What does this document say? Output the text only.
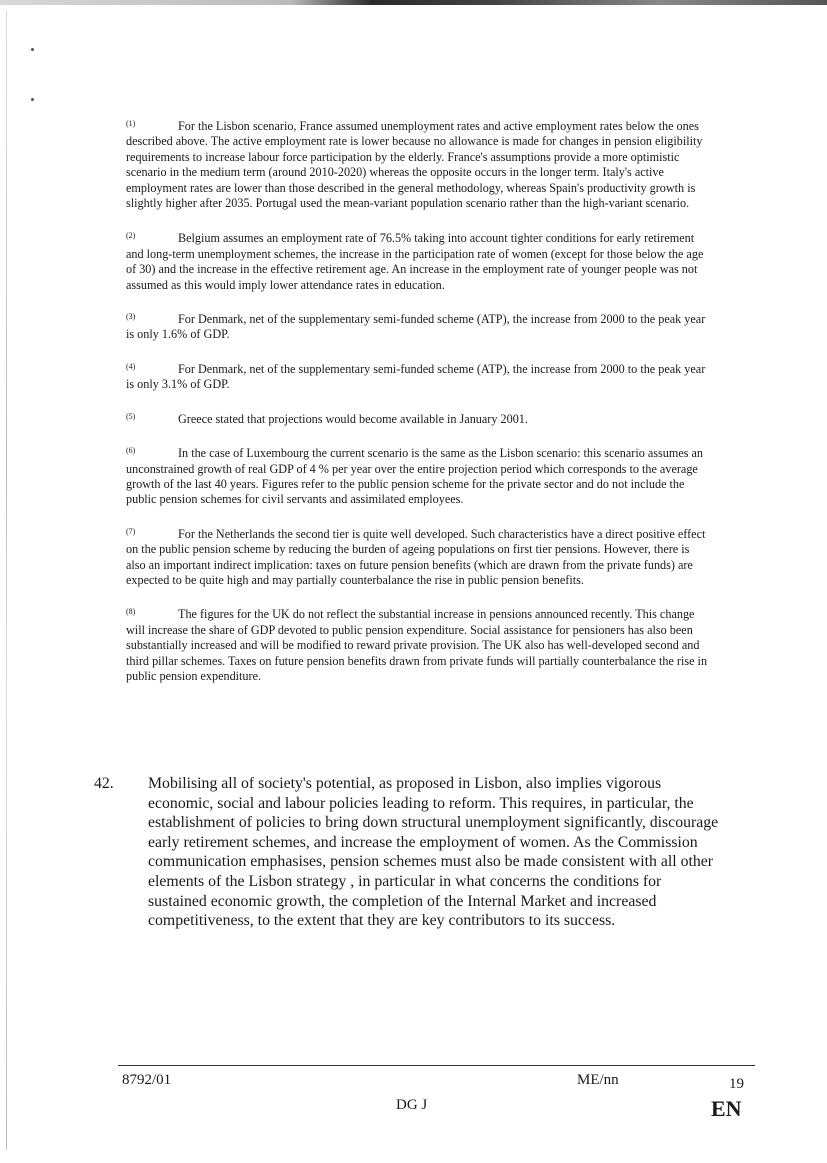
(1)	For the Lisbon scenario, France assumed unemployment rates and active employment rates below the ones described above. The active employment rate is lower because no allowance is made for changes in pension eligibility requirements to increase labour force participation by the elderly. France's assumptions provide a more optimistic scenario in the medium term (around 2010-2020) whereas the opposite occurs in the longer term. Italy's active employment rates are lower than those described in the general methodology, whereas Spain's productivity growth is slightly higher after 2035. Portugal used the mean-variant population scenario rather than the high-variant scenario.

(2)	Belgium assumes an employment rate of 76.5% taking into account tighter conditions for early retirement and long-term unemployment schemes, the increase in the participation rate of women (except for those below the age of 30) and the increase in the effective retirement age. An increase in the employment rate of younger people was not assumed as this would imply lower attendance rates in education.

(3)	For Denmark, net of the supplementary semi-funded scheme (ATP), the increase from 2000 to the peak year is only 1.6% of GDP.

(4)	For Denmark, net of the supplementary semi-funded scheme (ATP), the increase from 2000 to the peak year is only 3.1% of GDP.

(5)	Greece stated that projections would become available in January 2001.

(6)	In the case of Luxembourg the current scenario is the same as the Lisbon scenario: this scenario assumes an unconstrained growth of real GDP of 4 % per year over the entire projection period which corresponds to the average growth of the last 40 years. Figures refer to the public pension scheme for the private sector and do not include the public pension schemes for civil servants and assimilated employees.

(7)	For the Netherlands the second tier is quite well developed. Such characteristics have a direct positive effect on the public pension scheme by reducing the burden of ageing populations on first tier pensions. However, there is also an important indirect implication: taxes on future pension benefits (which are drawn from the private funds) are expected to be quite high and may partially counterbalance the rise in public pension benefits.

(8)	The figures for the UK do not reflect the substantial increase in pensions announced recently. This change will increase the share of GDP devoted to public pension expenditure. Social assistance for pensioners has also been substantially increased and will be modified to reward private provision. The UK also has well-developed second and third pillar schemes. Taxes on future pension benefits drawn from private funds will partially counterbalance the rise in public pension expenditure.

42. Mobilising all of society's potential, as proposed in Lisbon, also implies vigorous economic, social and labour policies leading to reform. This requires, in particular, the establishment of policies to bring down structural unemployment significantly, discourage early retirement schemes, and increase the employment of women. As the Commission communication emphasises, pension schemes must also be made consistent with all other elements of the Lisbon strategy , in particular in what concerns the conditions for sustained economic growth, the completion of the Internal Market and increased competitiveness, to the extent that they are key contributors to its success.

8792/01	ME/nn	19
DG J	EN
